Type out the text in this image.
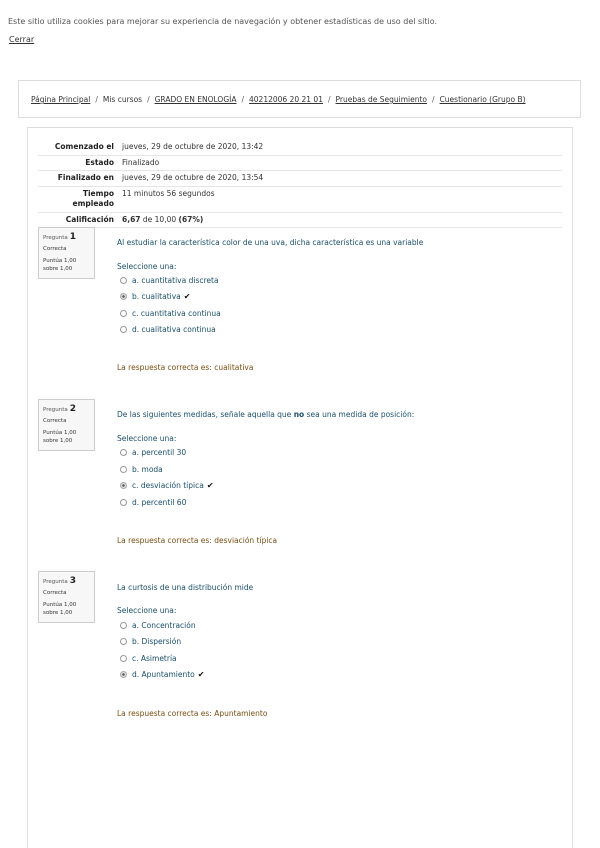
Este sitio utiliza cookies para mejorar su experiencia de navegación y obtener estadísticas de uso del sitio.
Cerrar
Página Principal / Mis cursos / GRADO EN ENOLOGÍA / 40212006 20 21 01 / Pruebas de Seguimiento / Cuestionario (Grupo B)
Comenzado el	jueves, 29 de octubre de 2020, 13:42
Estado	Finalizado
Finalizado en	jueves, 29 de octubre de 2020, 13:54
Tiempo empleado	11 minutos 56 segundos
Calificación	6,67 de 10,00 (67%)
Pregunta 1
Correcta
Puntúa 1,00 sobre 1,00
Al estudiar la característica color de una uva, dicha característica es una variable
Seleccione una:
a. cuantitativa discreta
b. cualitativa ✔
c. cuantitativa continua
d. cualitativa continua
La respuesta correcta es: cualitativa
Pregunta 2
Correcta
Puntúa 1,00 sobre 1,00
De las siguientes medidas, señale aquella que no sea una medida de posición:
Seleccione una:
a. percentil 30
b. moda
c. desviación típica ✔
d. percentil 60
La respuesta correcta es: desviación típica
Pregunta 3
Correcta
Puntúa 1,00 sobre 1,00
La curtosis de una distribución mide
Seleccione una:
a. Concentración
b. Dispersión
c. Asimetría
d. Apuntamiento ✔
La respuesta correcta es: Apuntamiento
